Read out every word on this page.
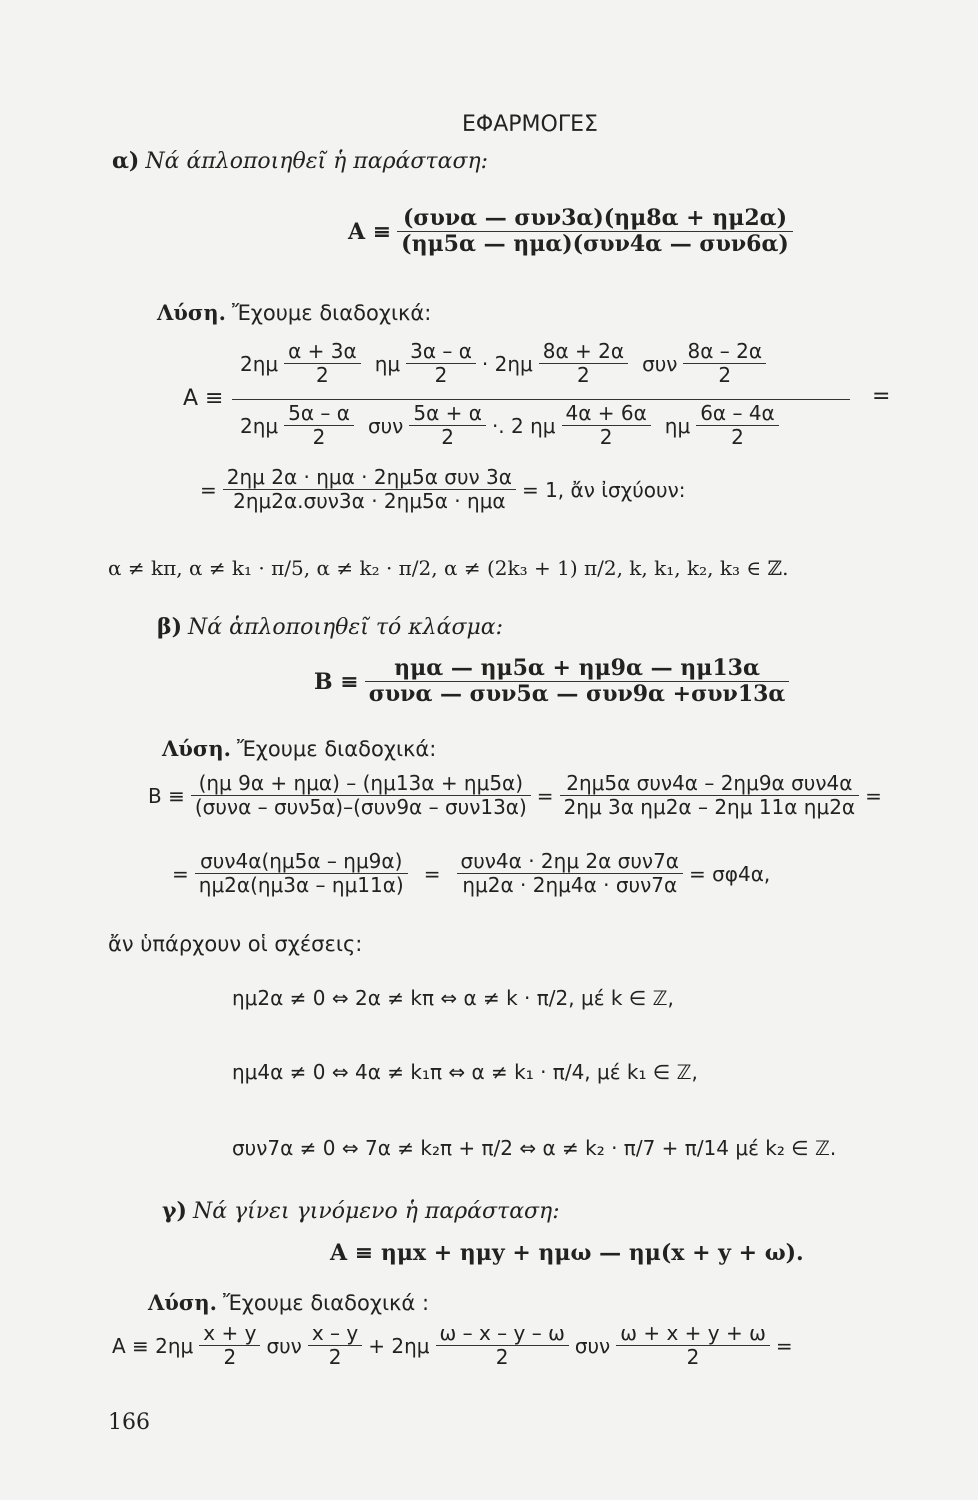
ΕΦΑΡΜΟΓΕΣ
α) Νά άπλοποιηθεῖ ἡ παράσταση:
$A \equiv \frac{\text{(συνα — συν3α)(ημ8α + ημ2α)}}{\text{(ημ5α — ημα)(συν4α — συν6α)}}$
Λύση. Ἔχουμε διαδοχικά:
A ≡
$2\eta\mu \frac{\alpha + 3\alpha}{2}$ ημ $\frac{3\alpha - \alpha}{2} \cdot 2\eta\mu \frac{8\alpha + 2\alpha}{2}$ συν $\frac{8\alpha - 2\alpha}{2}$
$2\eta\mu \frac{5\alpha - \alpha}{2}$ συν $\frac{5\alpha + \alpha}{2}$ ·. 2 ημ $\frac{4\alpha + 6\alpha}{2}$ ημ $\frac{6\alpha - 4\alpha}{2}$
=
= $\frac{\text{2ημ 2α · ημα · 2ημ5α συν 3α}}{\text{2ημ2α.συν3α · 2ημ5α · ημα}} = 1$, ἄν ἰσχύουν:
α ≠ kπ, α ≠ k₁ · π/5, α ≠ k₂ · π/2, α ≠ (2k₃ + 1) π/2, k, k₁, k₂, k₃ ∈ ℤ.
β) Νά ἁπλοποιηθεῖ τό κλάσμα:
$B \equiv \frac{\text{ημα — ημ5α + ημ9α — ημ13α}}{\text{συνα — συν5α — συν9α +συν13α}}$
Λύση. Ἔχουμε διαδοχικά:
$B \equiv \frac{\text{(ημ 9α + ημα) – (ημ13α + ημ5α)}}{\text{(συνα – συν5α)–(συν9α – συν13α)}} = \frac{\text{2ημ5α συν4α – 2ημ9α συν4α}}{\text{2ημ 3α ημ2α – 2ημ 11α ημ2α}}$ =
= $\frac{\text{συν4α(ημ5α – ημ9α)}}{\eta\mu 2\alpha(\eta\mu 3\alpha - \eta\mu 11\alpha)} = \frac{\text{συν4α · 2ημ 2α συν7α}}{\text{ημ2α · 2ημ4α · συν7α}} = \sigma\varphi 4\alpha$,
ἄν ὑπάρχουν οἱ σχέσεις:
ημ2α ≠ 0 ⇔ 2α ≠ kπ ⇔ α ≠ k · π/2, μέ k ∈ ℤ,
ημ4α ≠ 0 ⇔ 4α ≠ k₁π ⇔ α ≠ k₁ · π/4, μέ k₁ ∈ ℤ,
συν7α ≠ 0 ⇔ 7α ≠ k₂π + π/2 ⇔ α ≠ k₂ · π/7 + π/14 μέ k₂ ∈ ℤ.
γ) Νά γίνει γινόμενο ἡ παράσταση:
A ≡ ημx + ημy + ημω — ημ(x + y + ω).
Λύση. Ἔχουμε διαδοχικά :
$A \equiv 2\eta\mu \frac{x + y}{2}$ συν $\frac{x - y}{2} + 2\eta\mu \frac{\omega - x - y - \omega}{2}$ συν $\frac{\omega + x + y + \omega}{2}$ =
166
